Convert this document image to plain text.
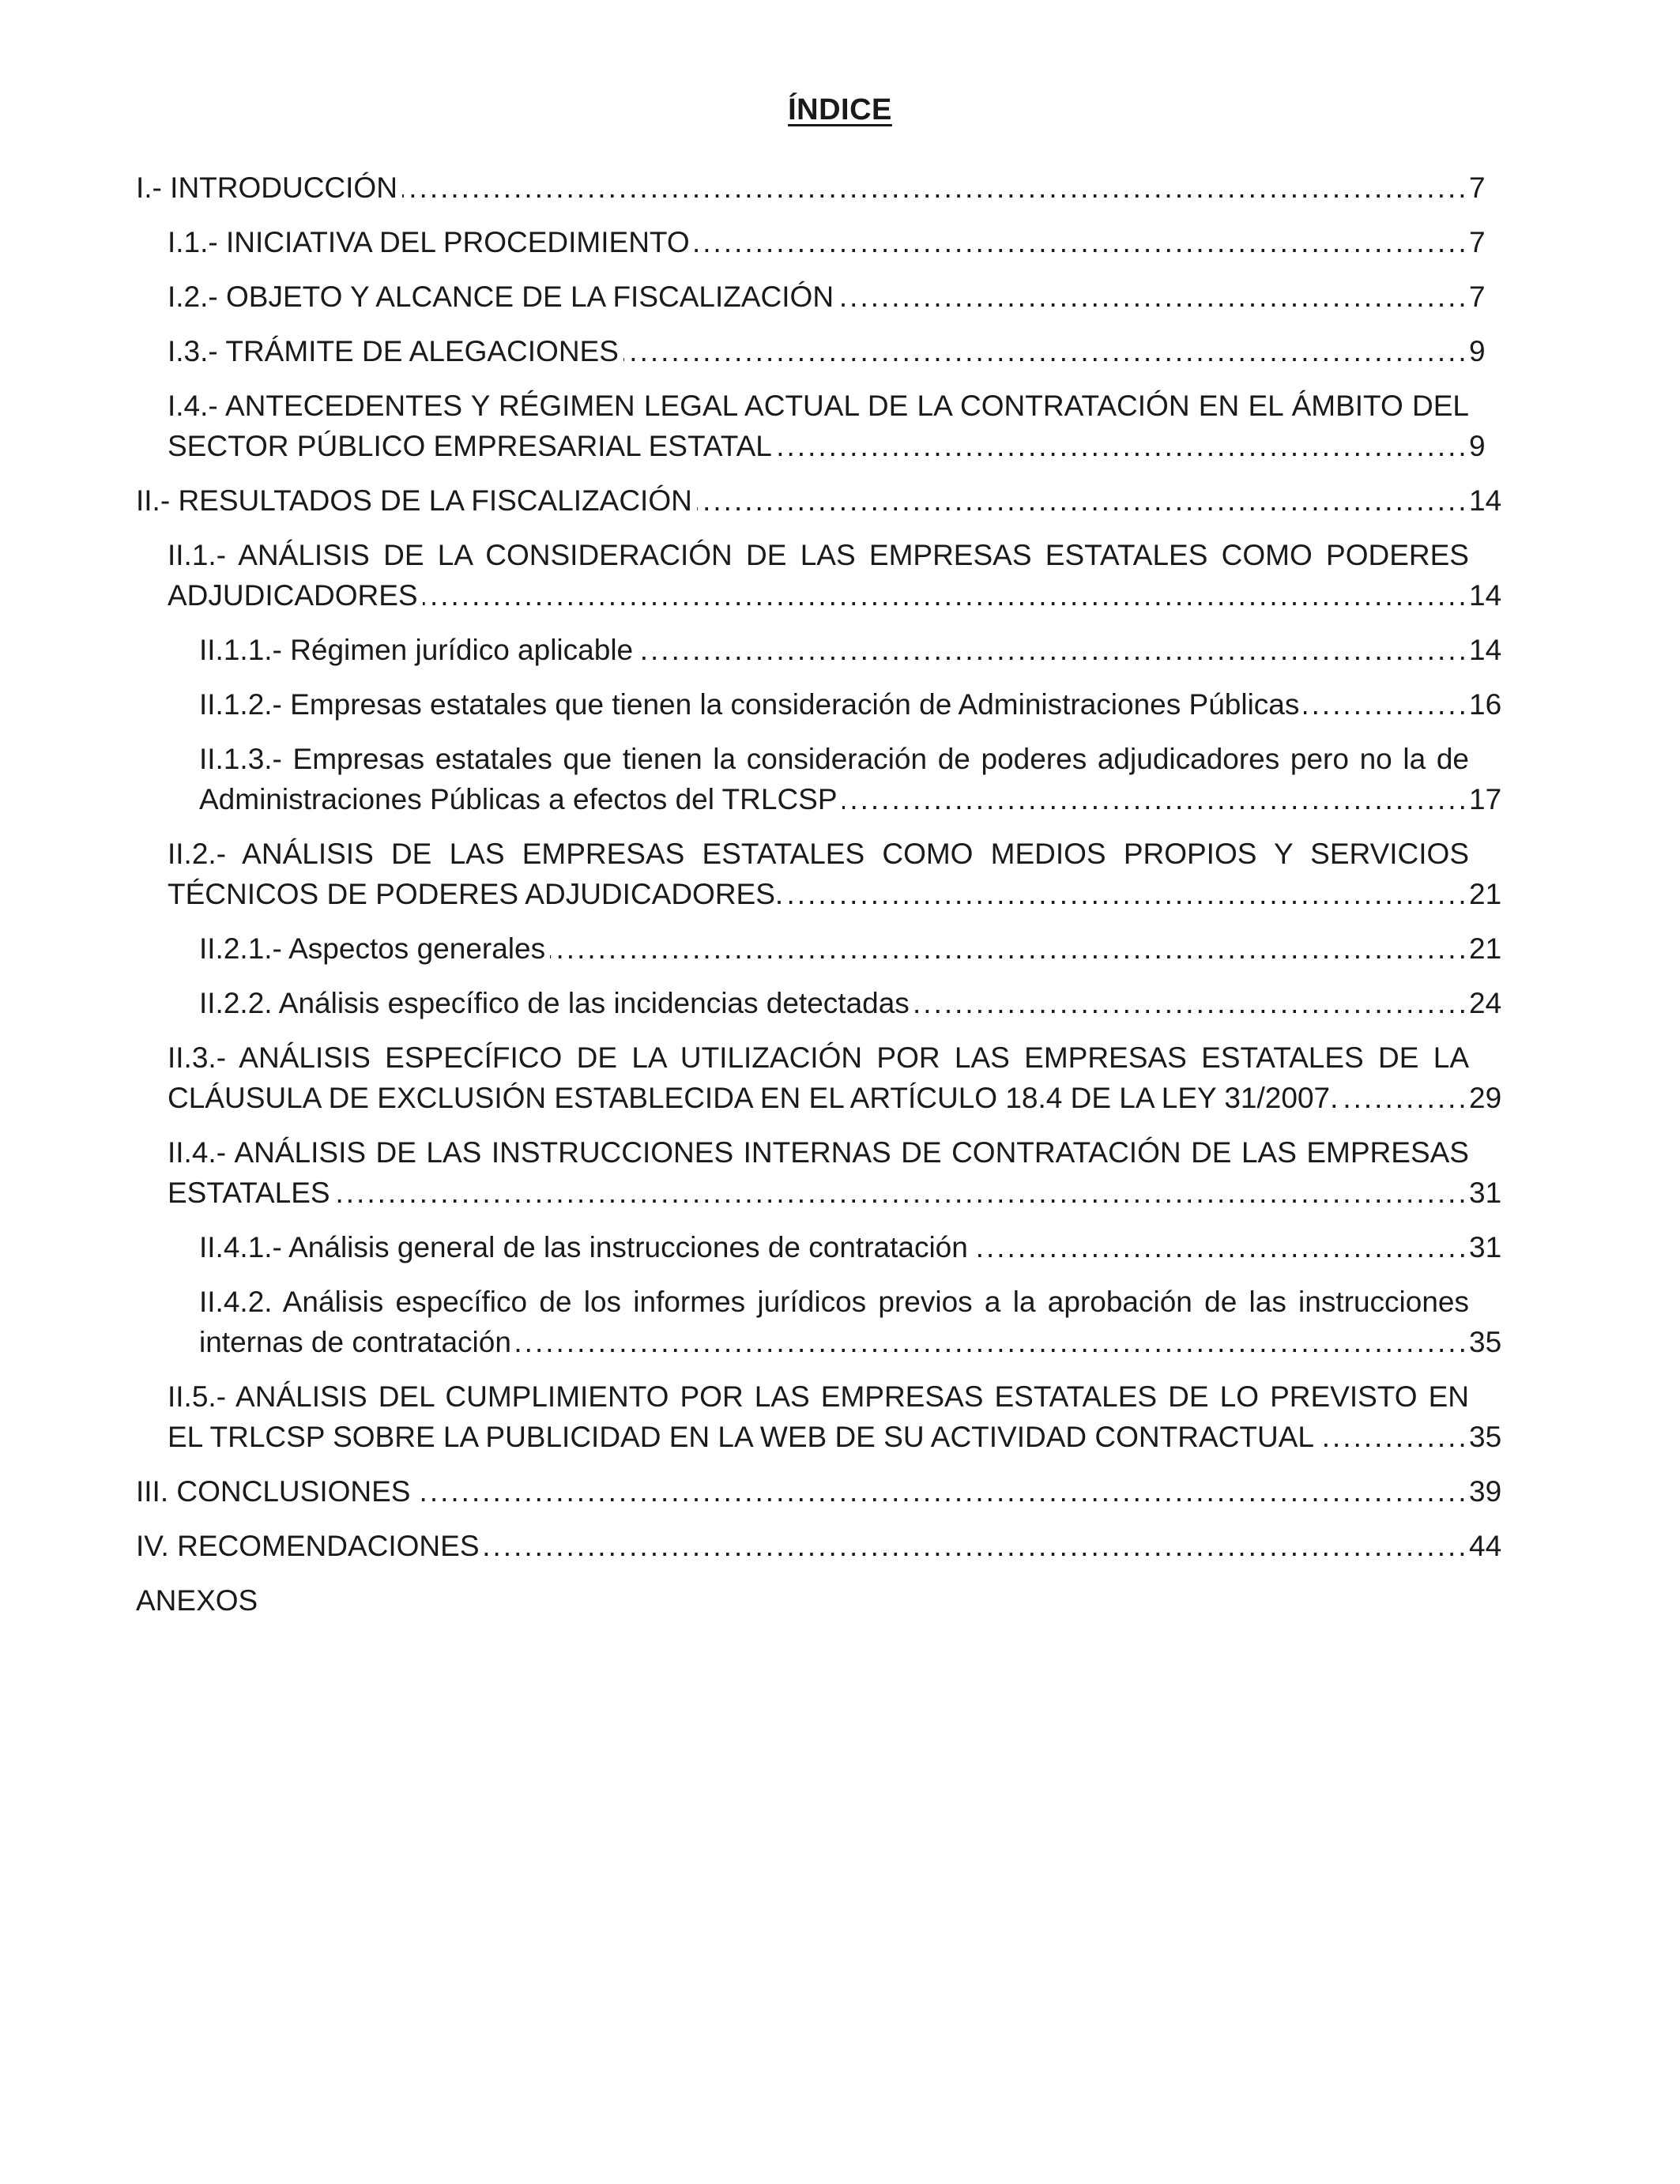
ÍNDICE
.....
I.- INTRODUCCIÓN	7
.....
I.1.- INICIATIVA DEL PROCEDIMIENTO	7
.....
I.2.- OBJETO Y ALCANCE DE LA FISCALIZACIÓN	7
.....
I.3.- TRÁMITE DE ALEGACIONES	9
.....
I.4.- ANTECEDENTES Y RÉGIMEN LEGAL ACTUAL DE LA CONTRATACIÓN EN EL ÁMBITO DEL SECTOR PÚBLICO EMPRESARIAL ESTATAL	9
.....
II.- RESULTADOS DE LA FISCALIZACIÓN	14
.....
II.1.- ANÁLISIS DE LA CONSIDERACIÓN DE LAS EMPRESAS ESTATALES COMO PODERES ADJUDICADORES	14
.....
II.1.1.- Régimen jurídico aplicable	14
.....
II.1.2.- Empresas estatales que tienen la consideración de Administraciones Públicas	16
.....
II.1.3.- Empresas estatales que tienen la consideración de poderes adjudicadores pero no la de Administraciones Públicas a efectos del TRLCSP	17
.....
II.2.- ANÁLISIS DE LAS EMPRESAS ESTATALES COMO MEDIOS PROPIOS Y SERVICIOS TÉCNICOS DE PODERES ADJUDICADORES.	21
.....
II.2.1.- Aspectos generales	21
.....
II.2.2. Análisis específico de las incidencias detectadas	24
.....
II.3.- ANÁLISIS ESPECÍFICO DE LA UTILIZACIÓN POR LAS EMPRESAS ESTATALES DE LA CLÁUSULA DE EXCLUSIÓN ESTABLECIDA EN EL ARTÍCULO 18.4 DE LA LEY 31/2007.	29
.....
II.4.- ANÁLISIS DE LAS INSTRUCCIONES INTERNAS DE CONTRATACIÓN DE LAS EMPRESAS ESTATALES	31
.....
II.4.1.- Análisis general de las instrucciones de contratación	31
.....
II.4.2. Análisis específico de los informes jurídicos previos a la aprobación de las instrucciones internas de contratación	35
.....
II.5.- ANÁLISIS DEL CUMPLIMIENTO POR LAS EMPRESAS ESTATALES DE LO PREVISTO EN EL TRLCSP SOBRE LA PUBLICIDAD EN LA WEB DE SU ACTIVIDAD CONTRACTUAL	35
.....
III. CONCLUSIONES	39
.....
IV. RECOMENDACIONES	44
ANEXOS
